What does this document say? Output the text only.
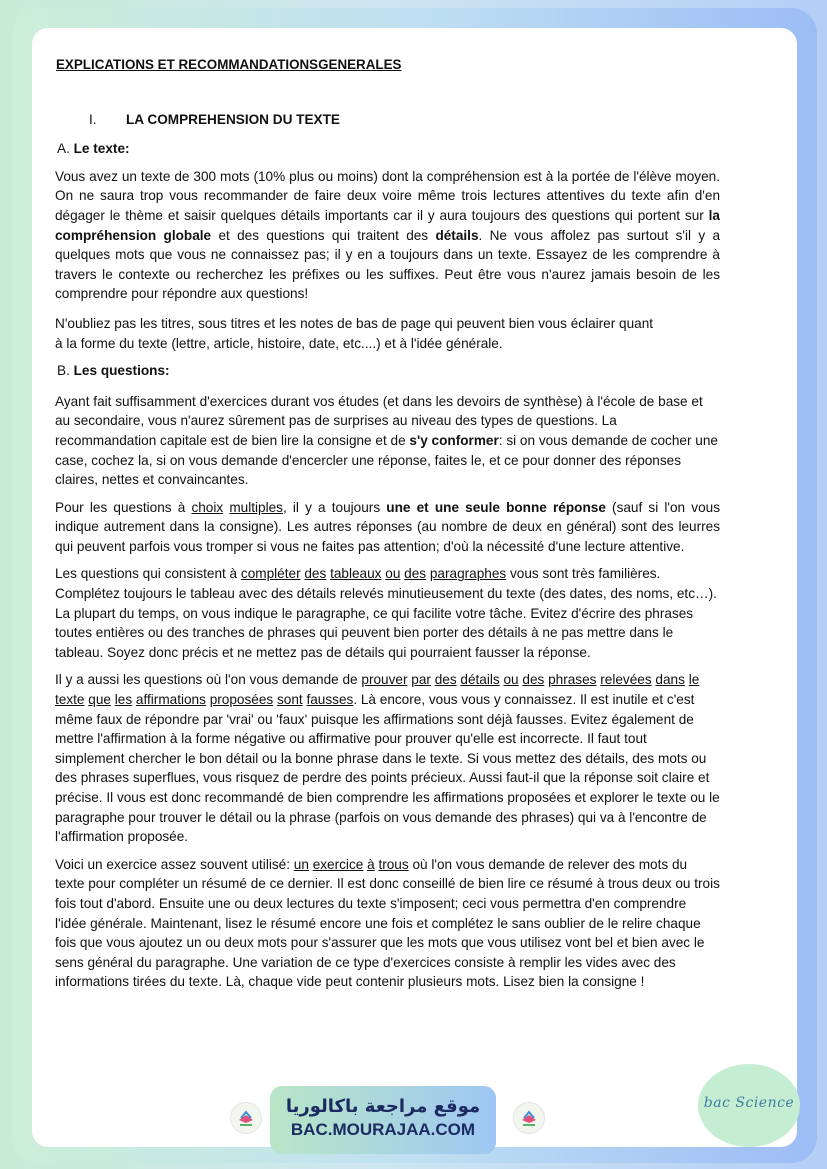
EXPLICATIONS ET RECOMMANDATIONSGENERALES
I. LA COMPREHENSION DU TEXTE
A. Le texte:

Vous avez un texte de 300 mots (10% plus ou moins) dont la compréhension est à la portée de l'élève moyen. On ne saura trop vous recommander de faire deux voire même trois lectures attentives du texte afin d'en dégager le thème et saisir quelques détails importants car il y aura toujours des questions qui portent sur la compréhension globale et des questions qui traitent des détails. Ne vous affolez pas surtout s'il y a quelques mots que vous ne connaissez pas; il y en a toujours dans un texte. Essayez de les comprendre à travers le contexte ou recherchez les préfixes ou les suffixes. Peut être vous n'aurez jamais besoin de les comprendre pour répondre aux questions!

N'oubliez pas les titres, sous titres et les notes de bas de page qui peuvent bien vous éclairer quant à la forme du texte (lettre, article, histoire, date, etc....) et à l'idée générale.

B. Les questions:

Ayant fait suffisamment d'exercices durant vos études (et dans les devoirs de synthèse) à l'école de base et au secondaire, vous n'aurez sûrement pas de surprises au niveau des types de questions. La recommandation capitale est de bien lire la consigne et de s'y conformer: si on vous demande de cocher une case, cochez la, si on vous demande d'encercler une réponse, faites le, et ce pour donner des réponses claires, nettes et convaincantes.

Pour les questions à choix multiples, il y a toujours une et une seule bonne réponse (sauf si l'on vous indique autrement dans la consigne). Les autres réponses (au nombre de deux en général) sont des leurres qui peuvent parfois vous tromper si vous ne faites pas attention; d'où la nécessité d'une lecture attentive.

Les questions qui consistent à compléter des tableaux ou des paragraphes vous sont très familières. Complétez toujours le tableau avec des détails relevés minutieusement du texte (des dates, des noms, etc…). La plupart du temps, on vous indique le paragraphe, ce qui facilite votre tâche. Evitez d'écrire des phrases toutes entières ou des tranches de phrases qui peuvent bien porter des détails à ne pas mettre dans le tableau. Soyez donc précis et ne mettez pas de détails qui pourraient fausser la réponse.

Il y a aussi les questions où l'on vous demande de prouver par des détails ou des phrases relevées dans le texte que les affirmations proposées sont fausses. Là encore, vous vous y connaissez. Il est inutile et c'est même faux de répondre par 'vrai' ou 'faux' puisque les affirmations sont déjà fausses. Evitez également de mettre l'affirmation à la forme négative ou affirmative pour prouver qu'elle est incorrecte. Il faut tout simplement chercher le bon détail ou la bonne phrase dans le texte. Si vous mettez des détails, des mots ou des phrases superflues, vous risquez de perdre des points précieux. Aussi faut-il que la réponse soit claire et précise. Il vous est donc recommandé de bien comprendre les affirmations proposées et explorer le texte ou le paragraphe pour trouver le détail ou la phrase (parfois on vous demande des phrases) qui va à l'encontre de l'affirmation proposée.

Voici un exercice assez souvent utilisé: un exercice à trous où l'on vous demande de relever des mots du texte pour compléter un résumé de ce dernier. Il est donc conseillé de bien lire ce résumé à trous deux ou trois fois tout d'abord. Ensuite une ou deux lectures du texte s'imposent; ceci vous permettra d'en comprendre l'idée générale. Maintenant, lisez le résumé encore une fois et complétez le sans oublier de le relire chaque fois que vous ajoutez un ou deux mots pour s'assurer que les mots que vous utilisez vont bel et bien avec le sens général du paragraphe. Une variation de ce type d'exercices consiste à remplir les vides avec des informations tirées du texte. Là, chaque vide peut contenir plusieurs mots. Lisez bien la consigne !

موقع مراجعة باكالوريا
BAC.MOURAJAA.COM
bac Science
